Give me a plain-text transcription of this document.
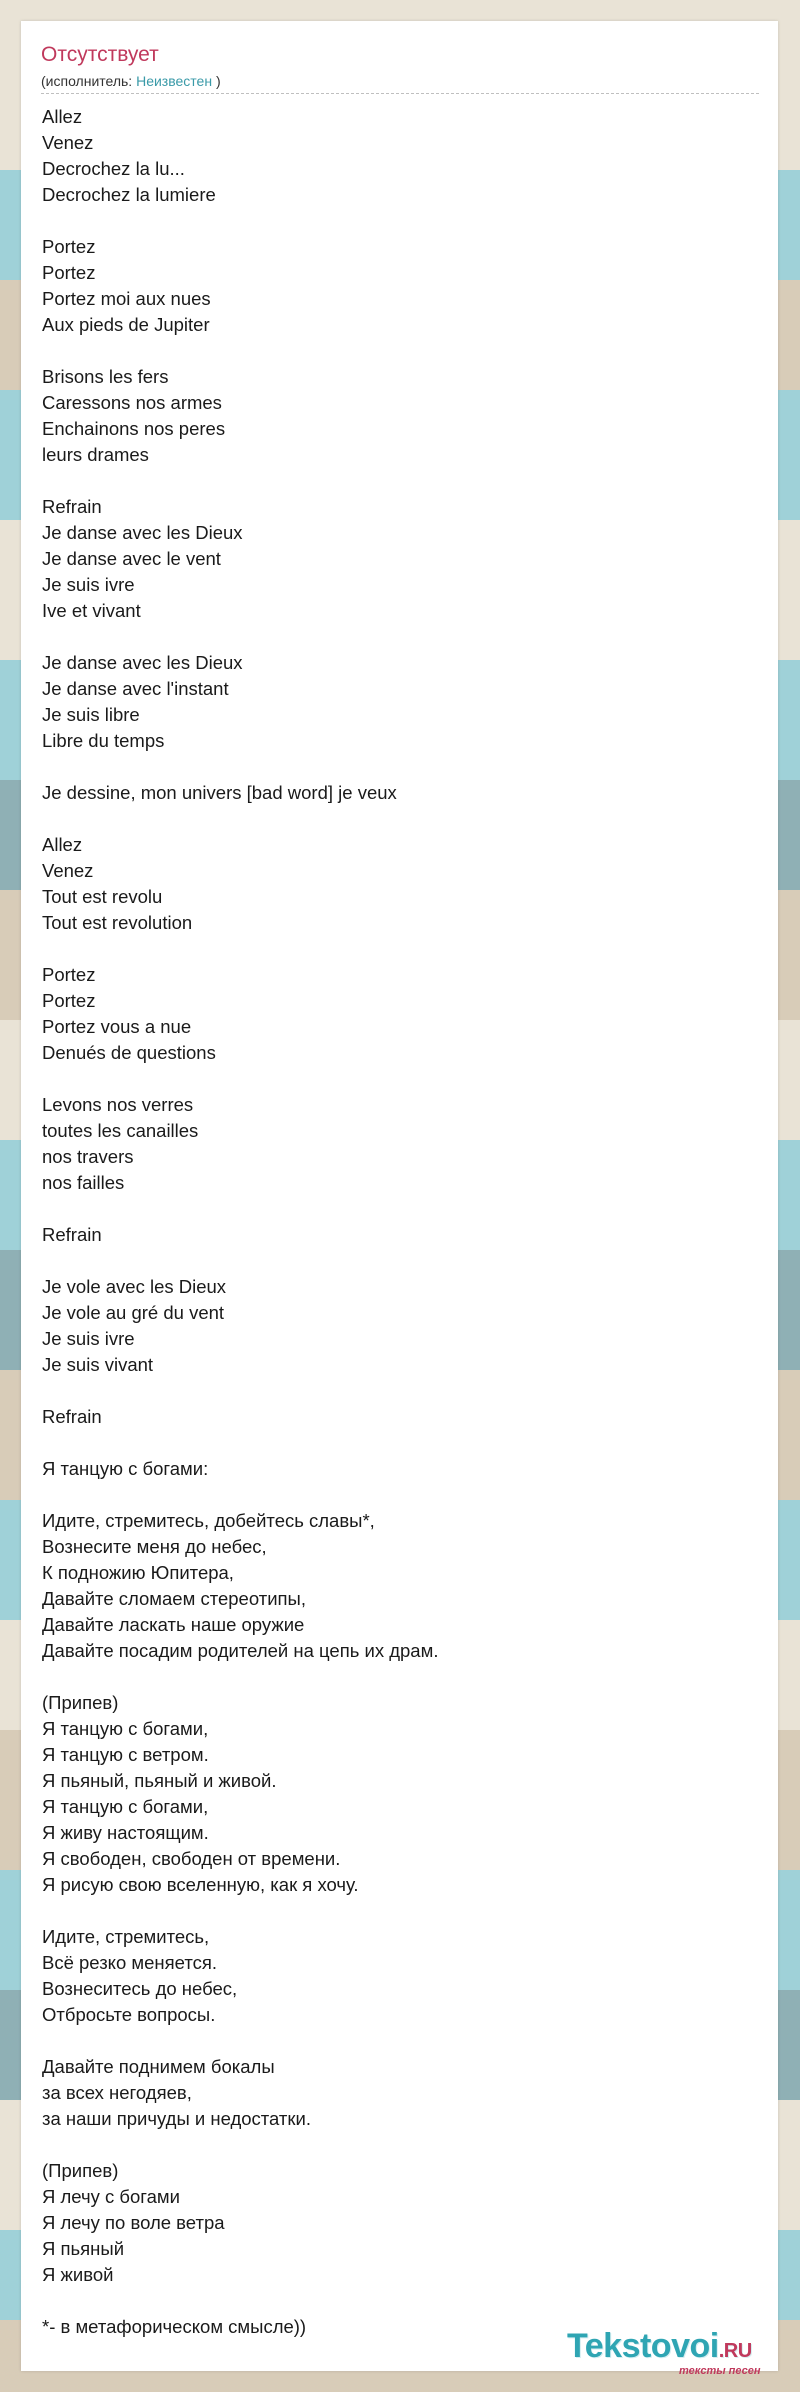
Отсутствует
(исполнитель: Неизвестен )
Allez
Venez
Decrochez la lu...
Decrochez la lumiere
Portez
Portez
Portez moi aux nues
Aux pieds de Jupiter
Brisons les fers
Caressons nos armes
Enchainons nos peres
leurs drames
Refrain
Je danse avec les Dieux
Je danse avec le vent
Je suis ivre
Ive et vivant
Je danse avec les Dieux
Je danse avec l'instant
Je suis libre
Libre du temps
Je dessine, mon univers [bad word] je veux
Allez
Venez
Tout est revolu
Tout est revolution
Portez
Portez
Portez vous a nue
Denués de questions
Levons nos verres
toutes les canailles
nos travers
nos failles
Refrain
Je vole avec les Dieux
Je vole au gré du vent
Je suis ivre
Je suis vivant
Refrain
Я танцую с богами:
Идите, стремитесь, добейтесь славы*,
Вознесите меня до небес,
К подножию Юпитера,
Давайте сломаем стереотипы,
Давайте ласкать наше оружие
Давайте посадим родителей на цепь их драм.
(Припев)
Я танцую с богами,
Я танцую с ветром.
Я пьяный, пьяный и живой.
Я танцую с богами,
Я живу настоящим.
Я свободен, свободен от времени.
Я рисую свою вселенную, как я хочу.
Идите, стремитесь,
Всё резко меняется.
Вознеситесь до небес,
Отбросьте вопросы.
Давайте поднимем бокалы
за всех негодяев,
за наши причуды и недостатки.
(Припев)
Я лечу с богами
Я лечу по воле ветра
Я пьяный
Я живой
*- в метафорическом смысле))
Tekstovoi.RU
тексты песен
